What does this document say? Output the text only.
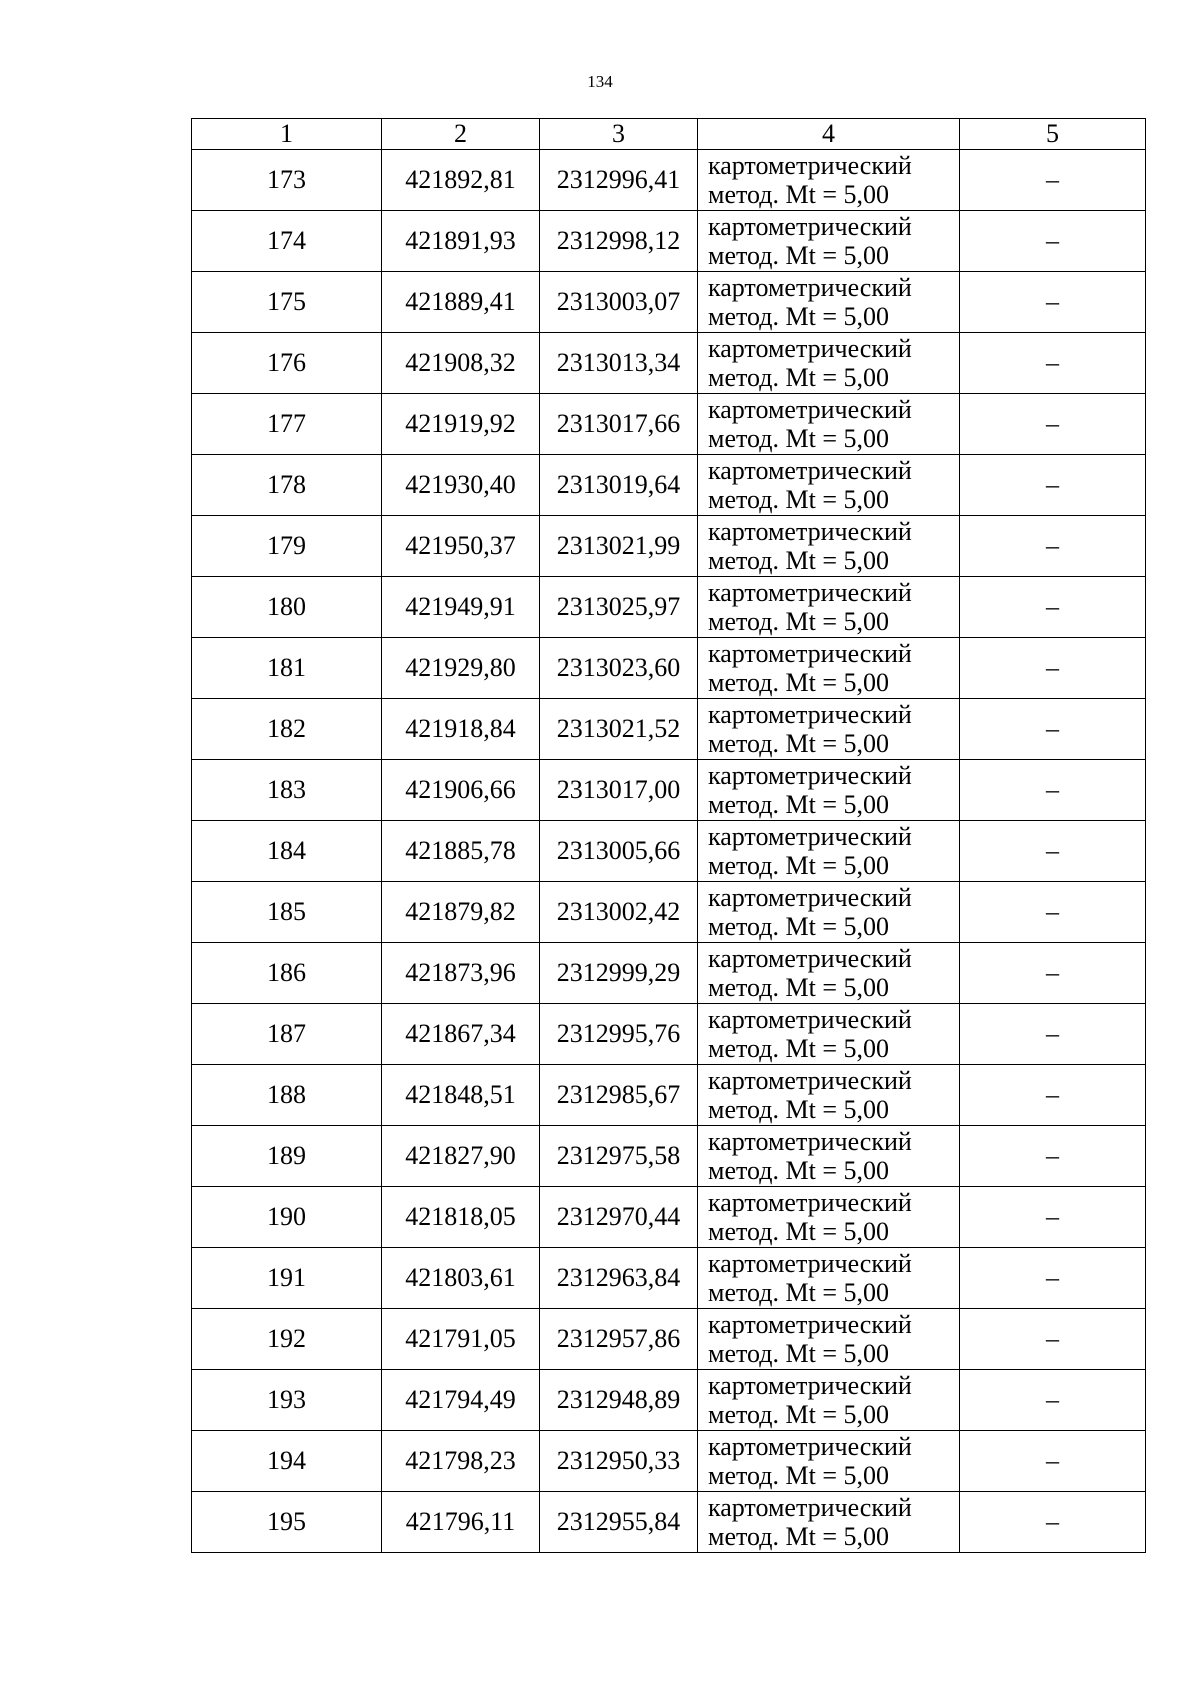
134
1	2	3	4	5
173	421892,81	2312996,41	картометрический
метод. Mt = 5,00	–
174	421891,93	2312998,12	картометрический
метод. Mt = 5,00	–
175	421889,41	2313003,07	картометрический
метод. Mt = 5,00	–
176	421908,32	2313013,34	картометрический
метод. Mt = 5,00	–
177	421919,92	2313017,66	картометрический
метод. Mt = 5,00	–
178	421930,40	2313019,64	картометрический
метод. Mt = 5,00	–
179	421950,37	2313021,99	картометрический
метод. Mt = 5,00	–
180	421949,91	2313025,97	картометрический
метод. Mt = 5,00	–
181	421929,80	2313023,60	картометрический
метод. Mt = 5,00	–
182	421918,84	2313021,52	картометрический
метод. Mt = 5,00	–
183	421906,66	2313017,00	картометрический
метод. Mt = 5,00	–
184	421885,78	2313005,66	картометрический
метод. Mt = 5,00	–
185	421879,82	2313002,42	картометрический
метод. Mt = 5,00	–
186	421873,96	2312999,29	картометрический
метод. Mt = 5,00	–
187	421867,34	2312995,76	картометрический
метод. Mt = 5,00	–
188	421848,51	2312985,67	картометрический
метод. Mt = 5,00	–
189	421827,90	2312975,58	картометрический
метод. Mt = 5,00	–
190	421818,05	2312970,44	картометрический
метод. Mt = 5,00	–
191	421803,61	2312963,84	картометрический
метод. Mt = 5,00	–
192	421791,05	2312957,86	картометрический
метод. Mt = 5,00	–
193	421794,49	2312948,89	картометрический
метод. Mt = 5,00	–
194	421798,23	2312950,33	картометрический
метод. Mt = 5,00	–
195	421796,11	2312955,84	картометрический
метод. Mt = 5,00	–
